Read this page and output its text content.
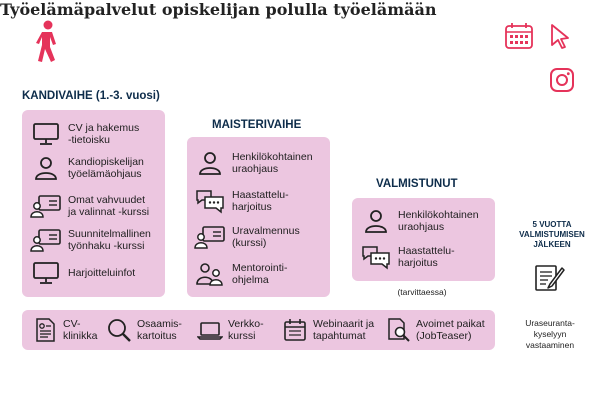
Työelämäpalvelut opiskelijan polulla työelämään
KANDIVAIHE (1.-3. vuosi)
CV ja hakemus
-tietoisku
Kandiopiskelijan
työelämäohjaus
Omat vahvuudet
ja valinnat -kurssi
Suunnitelmallinen
työnhaku -kurssi
Harjoitteluinfot
MAISTERIVAIHE
Henkilökohtainen
uraohjaus
Haastattelu-
harjoitus
Uravalmennus
(kurssi)
Mentorointi-
ohjelma
VALMISTUNUT
Henkilökohtainen
uraohjaus
Haastattelu-
harjoitus
(tarvittaessa)
5 VUOTTA
VALMISTUMISEN
JÄLKEEN
Uraseuranta-
kyselyyn
vastaaminen
CV-
klinikka
Osaamis-
kartoitus
Verkko-
kurssi
Webinaarit ja
tapahtumat
Avoimet paikat
(JobTeaser)
